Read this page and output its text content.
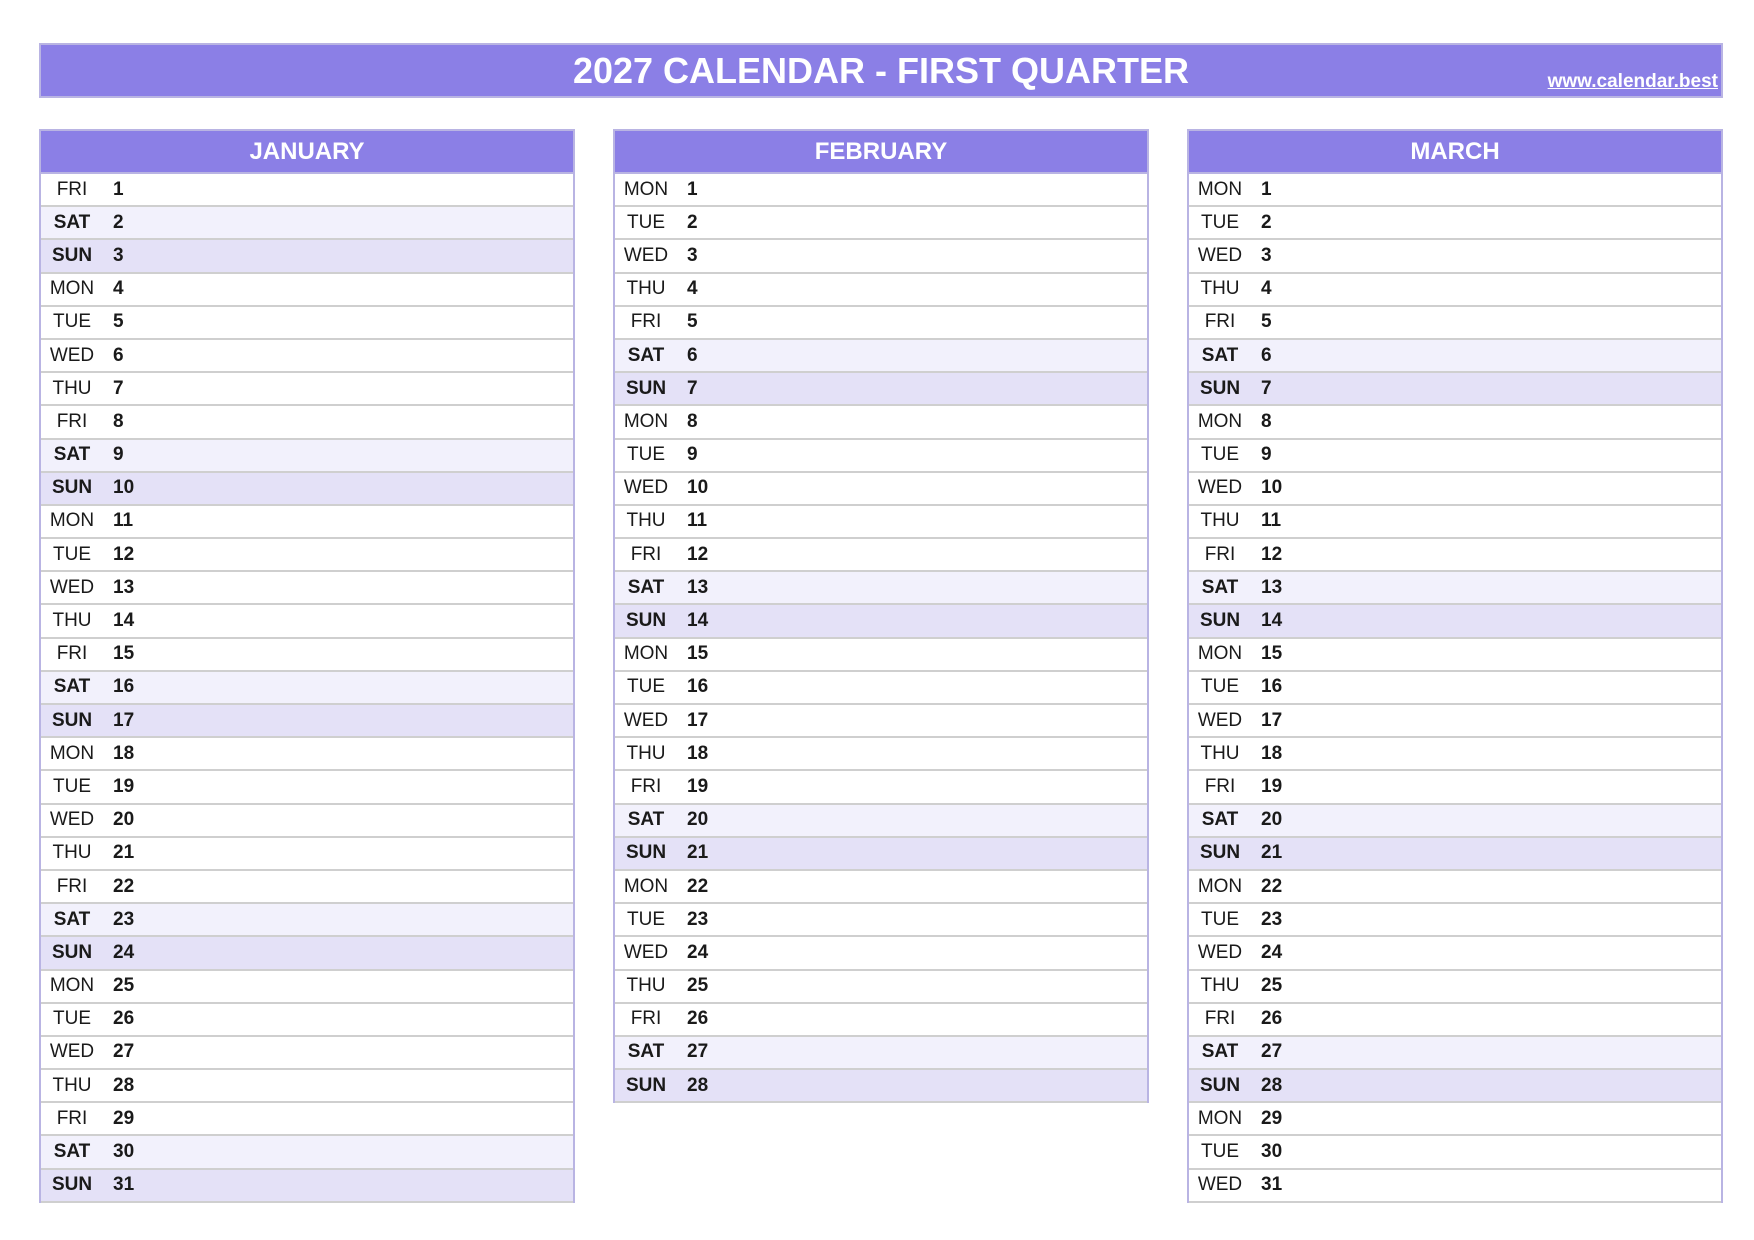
2027 CALENDAR - FIRST QUARTER	www.calendar.best
JANUARY
FRI	1
SAT	2
SUN	3
MON 4
TUE	5
WED 6
THU	7
FRI	8
SAT	9
SUN	10
MON 11
TUE	12
WED 13
THU	14
FRI	15
SAT	16
SUN	17
MON 18
TUE	19
WED 20
THU	21
FRI	22
SAT	23
SUN	24
MON 25
TUE	26
WED 27
THU	28
FRI	29
SAT	30
SUN	31
FEBRUARY
MON 1
TUE	2
WED 3
THU	4
FRI	5
SAT	6
SUN	7
MON 8
TUE	9
WED 10
THU	11
FRI	12
SAT	13
SUN	14
MON 15
TUE	16
WED 17
THU	18
FRI	19
SAT	20
SUN	21
MON 22
TUE	23
WED 24
THU	25
FRI	26
SAT	27
SUN	28
MARCH
MON 1
TUE	2
WED 3
THU	4
FRI	5
SAT	6
SUN	7
MON 8
TUE	9
WED 10
THU	11
FRI	12
SAT	13
SUN	14
MON 15
TUE	16
WED 17
THU	18
FRI	19
SAT	20
SUN	21
MON 22
TUE	23
WED 24
THU	25
FRI	26
SAT	27
SUN	28
MON 29
TUE	30
WED 31
